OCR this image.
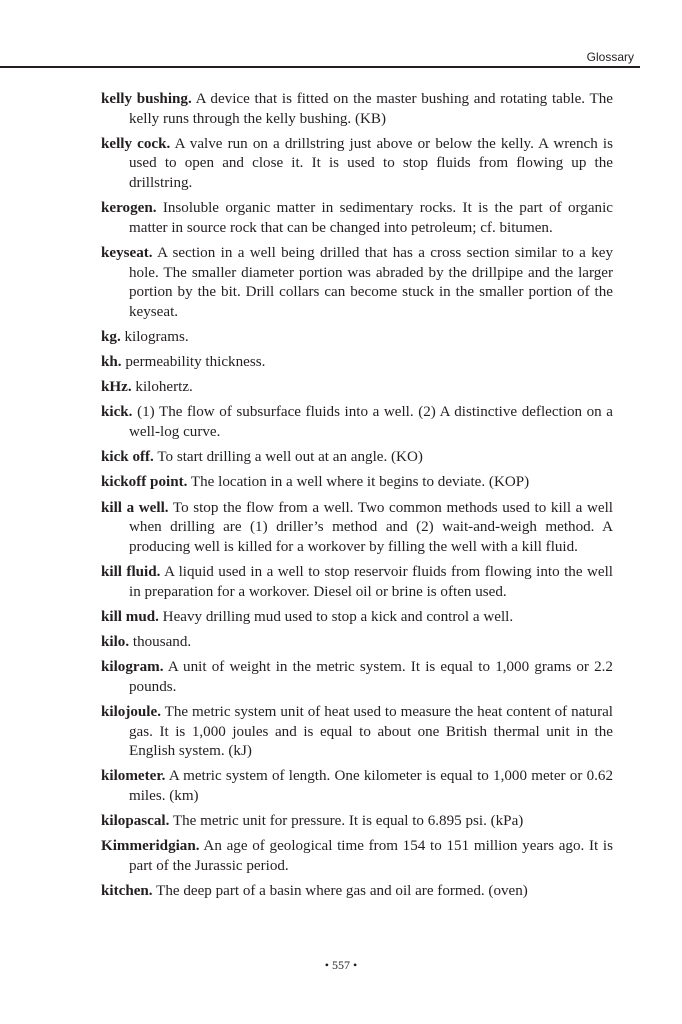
Glossary

kelly bushing. A device that is fitted on the master bushing and rotating table. The kelly runs through the kelly bushing. (KB)

kelly cock. A valve run on a drillstring just above or below the kelly. A wrench is used to open and close it. It is used to stop fluids from flowing up the drillstring.

kerogen. Insoluble organic matter in sedimentary rocks. It is the part of organic matter in source rock that can be changed into petroleum; cf. bitumen.

keyseat. A section in a well being drilled that has a cross section similar to a key hole. The smaller diameter portion was abraded by the drillpipe and the larger portion by the bit. Drill collars can become stuck in the smaller portion of the keyseat.

kg. kilograms.

kh. permeability thickness.

kHz. kilohertz.

kick. (1) The flow of subsurface fluids into a well. (2) A distinctive deflection on a well-log curve.

kick off. To start drilling a well out at an angle. (KO)

kickoff point. The location in a well where it begins to deviate. (KOP)

kill a well. To stop the flow from a well. Two common methods used to kill a well when drilling are (1) driller’s method and (2) wait-and-weigh method. A producing well is killed for a workover by filling the well with a kill fluid.

kill fluid. A liquid used in a well to stop reservoir fluids from flowing into the well in preparation for a workover. Diesel oil or brine is often used.

kill mud. Heavy drilling mud used to stop a kick and control a well.

kilo. thousand.

kilogram. A unit of weight in the metric system. It is equal to 1,000 grams or 2.2 pounds.

kilojoule. The metric system unit of heat used to measure the heat content of natural gas. It is 1,000 joules and is equal to about one British thermal unit in the English system. (kJ)

kilometer. A metric system of length. One kilometer is equal to 1,000 meter or 0.62 miles. (km)

kilopascal. The metric unit for pressure. It is equal to 6.895 psi. (kPa)

Kimmeridgian. An age of geological time from 154 to 151 million years ago. It is part of the Jurassic period.

kitchen. The deep part of a basin where gas and oil are formed. (oven)

• 557 •
